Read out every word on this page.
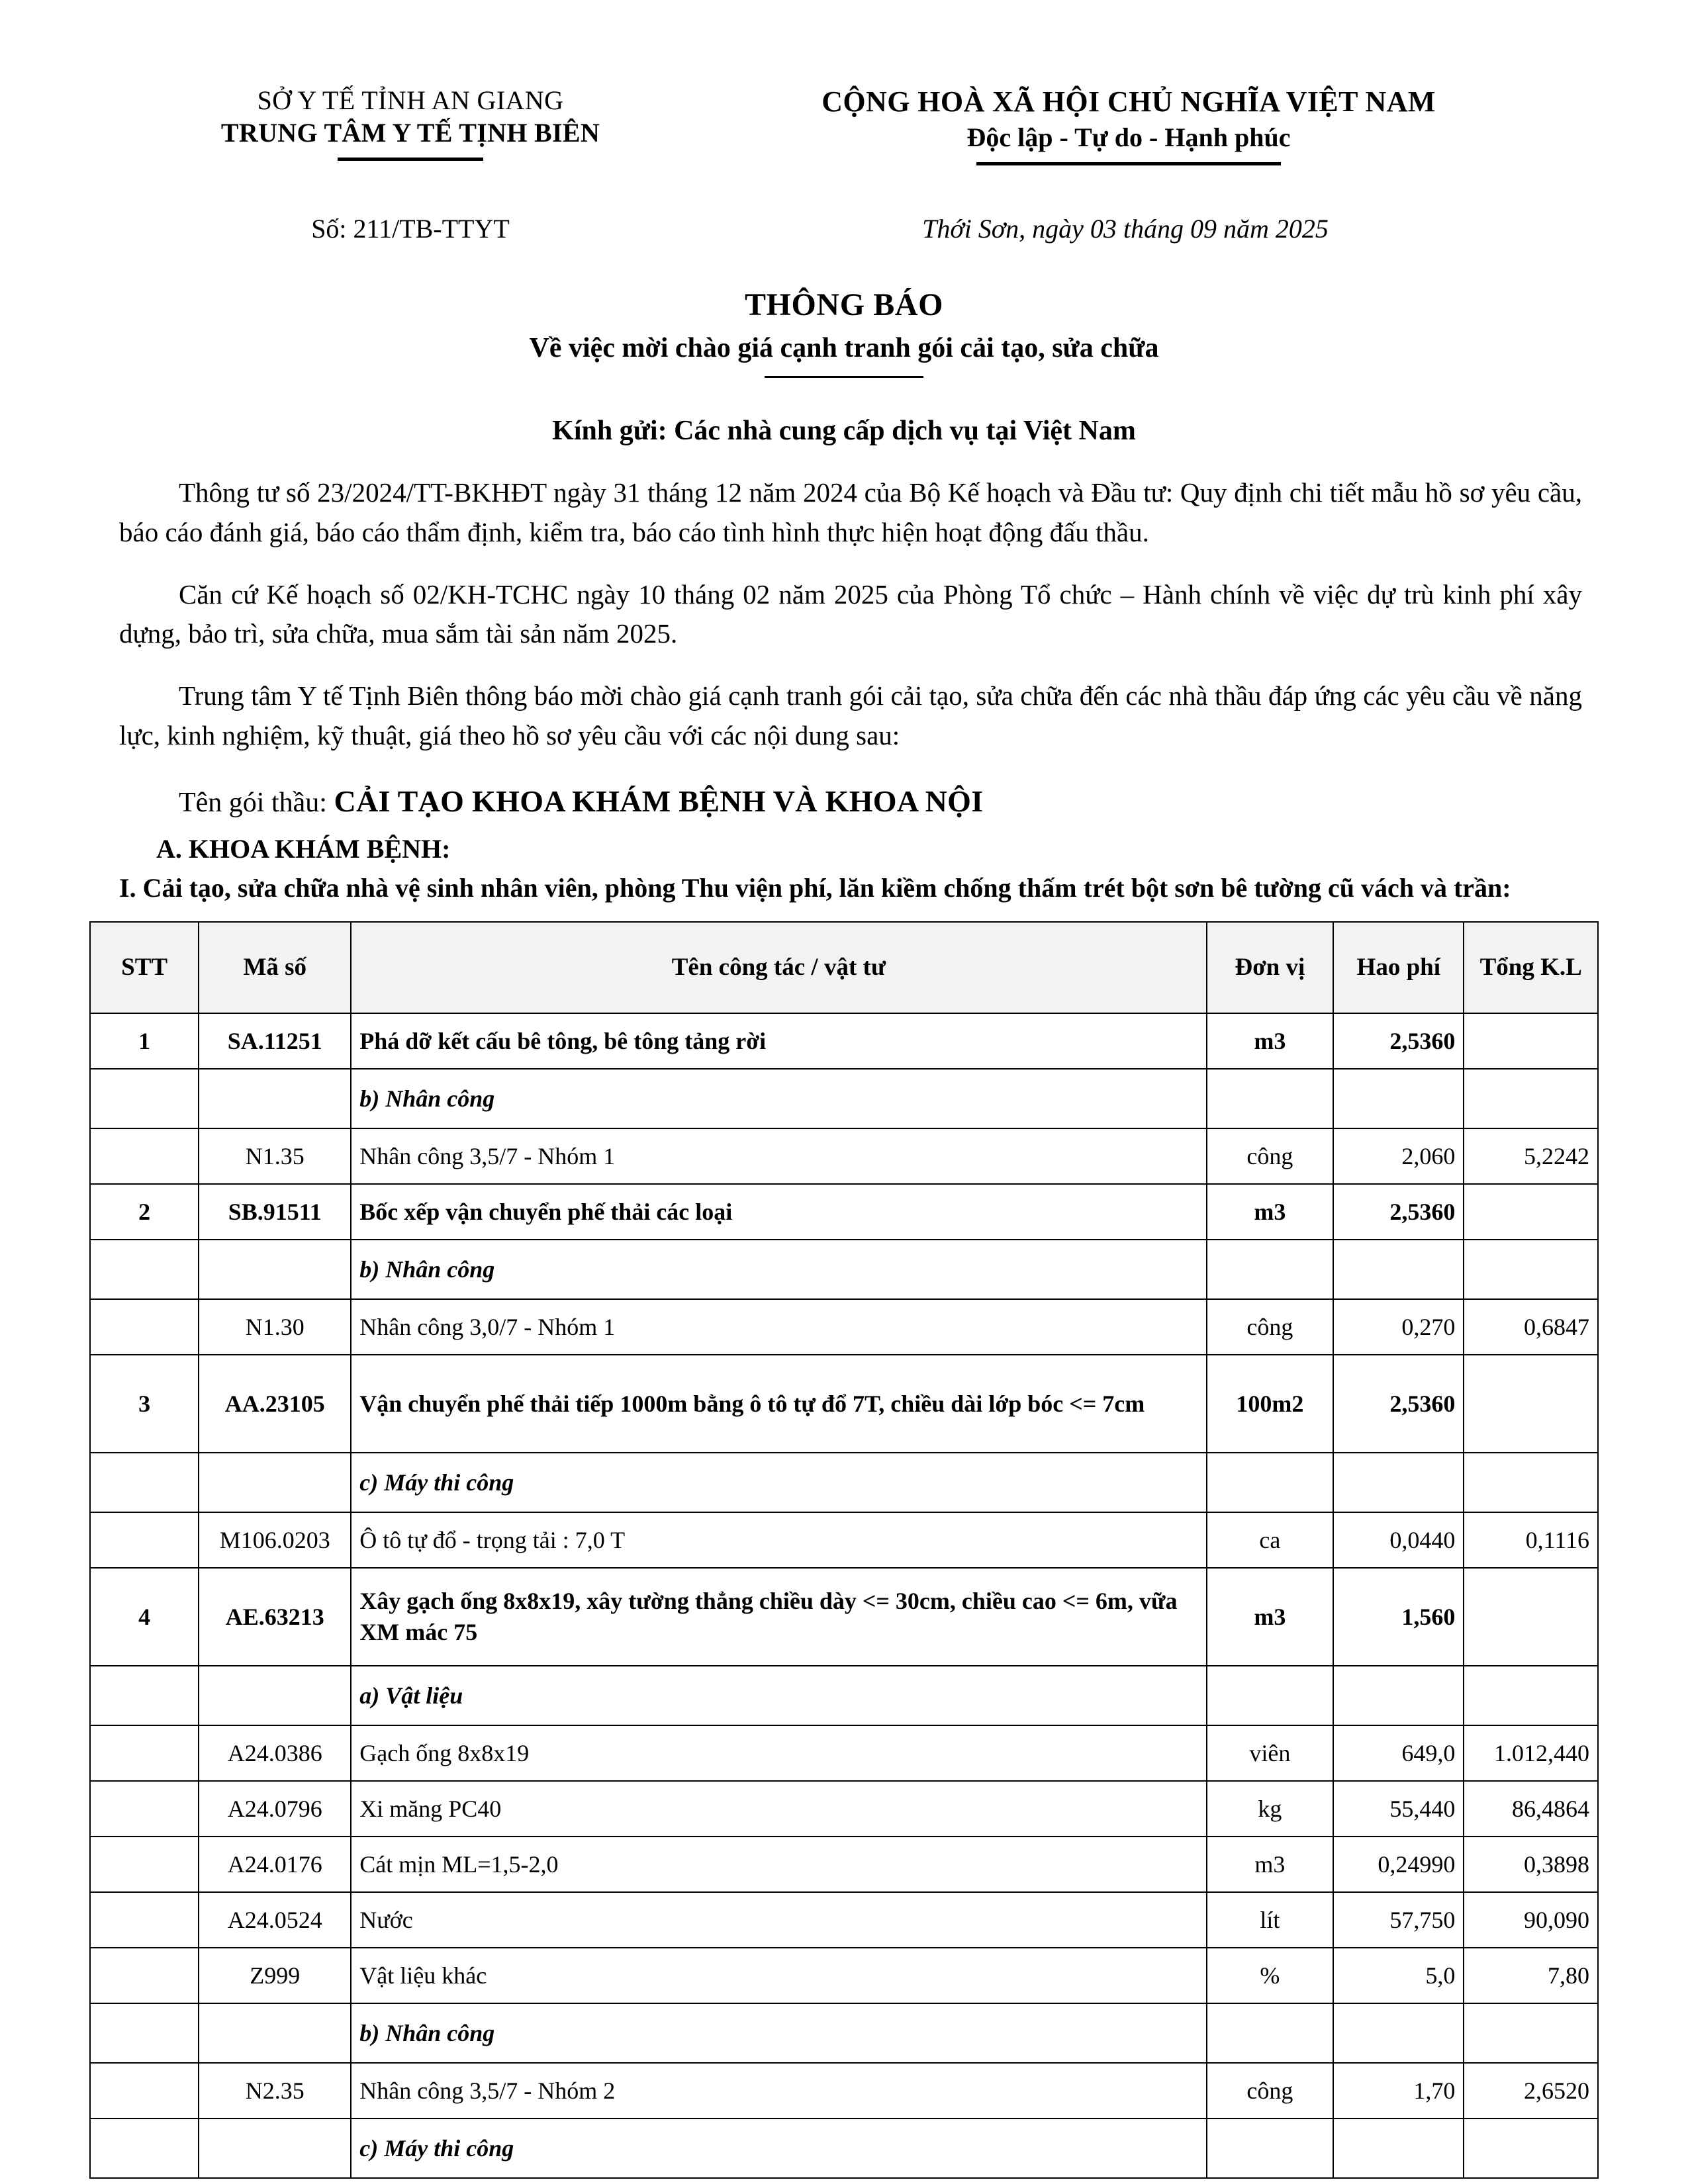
SỞ Y TẾ TỈNH AN GIANG
TRUNG TÂM Y TẾ TỊNH BIÊN
CỘNG HOÀ XÃ HỘI CHỦ NGHĨA VIỆT NAM
Độc lập - Tự do - Hạnh phúc
Số: 211/TB-TTYT	Thới Sơn, ngày 03 tháng 09 năm 2025
THÔNG BÁO
Về việc mời chào giá cạnh tranh gói cải tạo, sửa chữa
Kính gửi: Các nhà cung cấp dịch vụ tại Việt Nam

Thông tư số 23/2024/TT-BKHĐT ngày 31 tháng 12 năm 2024 của Bộ Kế hoạch và Đầu tư: Quy định chi tiết mẫu hồ sơ yêu cầu, báo cáo đánh giá, báo cáo thẩm định, kiểm tra, báo cáo tình hình thực hiện hoạt động đấu thầu.

Căn cứ Kế hoạch số 02/KH-TCHC ngày 10 tháng 02 năm 2025 của Phòng Tổ chức – Hành chính về việc dự trù kinh phí xây dựng, bảo trì, sửa chữa, mua sắm tài sản năm 2025.

Trung tâm Y tế Tịnh Biên thông báo mời chào giá cạnh tranh gói cải tạo, sửa chữa đến các nhà thầu đáp ứng các yêu cầu về năng lực, kinh nghiệm, kỹ thuật, giá theo hồ sơ yêu cầu với các nội dung sau:

Tên gói thầu: CẢI TẠO KHOA KHÁM BỆNH VÀ KHOA NỘI

A. KHOA KHÁM BỆNH:

I. Cải tạo, sửa chữa nhà vệ sinh nhân viên, phòng Thu viện phí, lăn kiềm chống thấm trét bột sơn bê tường cũ vách và trần:

STT	Mã số	Tên công tác / vật tư	Đơn vị	Hao phí	Tổng K.L
1	SA.11251	Phá dỡ kết cấu bê tông, bê tông tảng rời	m3	2,5360	
		b) Nhân công			
	N1.35	Nhân công 3,5/7 - Nhóm 1	công	2,060	5,2242
2	SB.91511	Bốc xếp vận chuyển phế thải các loại	m3	2,5360	
		b) Nhân công			
	N1.30	Nhân công 3,0/7 - Nhóm 1	công	0,270	0,6847
3	AA.23105	Vận chuyển phế thải tiếp 1000m bằng ô tô tự đổ 7T, chiều dài lớp bóc <= 7cm	100m2	2,5360	
		c) Máy thi công			
	M106.0203	Ô tô tự đổ - trọng tải : 7,0 T	ca	0,0440	0,1116
4	AE.63213	Xây gạch ống 8x8x19, xây tường thẳng chiều dày <= 30cm, chiều cao <= 6m, vữa XM mác 75	m3	1,560	
		a) Vật liệu			
	A24.0386	Gạch ống 8x8x19	viên	649,0	1.012,440
	A24.0796	Xi măng PC40	kg	55,440	86,4864
	A24.0176	Cát mịn ML=1,5-2,0	m3	0,24990	0,3898
	A24.0524	Nước	lít	57,750	90,090
	Z999	Vật liệu khác	%	5,0	7,80
		b) Nhân công			
	N2.35	Nhân công 3,5/7 - Nhóm 2	công	1,70	2,6520
		c) Máy thi công			
